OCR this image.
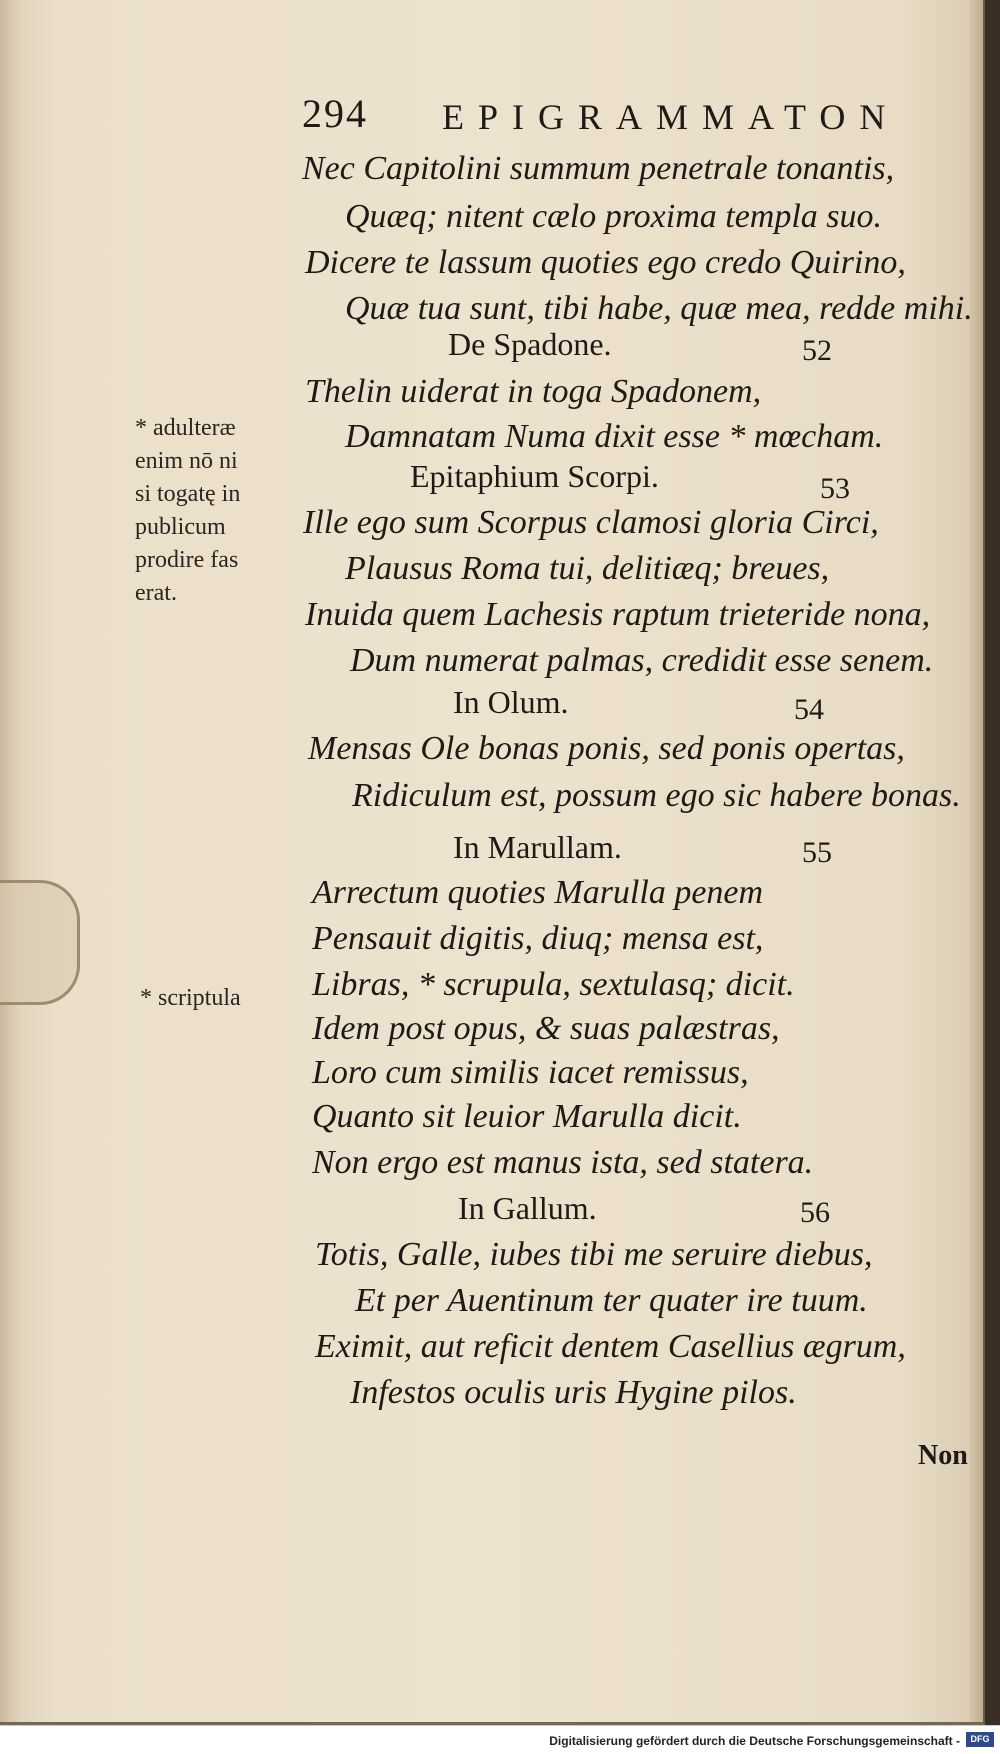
294 EPIGRAMMATON
Nec Capitolini summum penetrale tonantis,
Quæq; nitent cælo proxima templa suo.
Dicere te lassum quoties ego credo Quirino,
Quæ tua sunt, tibi habe, quæ mea, redde mihi.
De Spadone.	52
Thelin uiderat in toga Spadonem,
Damnatam Numa dixit esse * mœcham.
Epitaphium Scorpi.	53
Ille ego sum Scorpus clamosi gloria Circi,
Plausus Roma tui, delitiæq; breues,
Inuida quem Lachesis raptum trieteride nona,
Dum numerat palmas, credidit esse senem.
In Olum.	54
Mensas Ole bonas ponis, sed ponis opertas,
Ridiculum est, possum ego sic habere bonas.
In Marullam.	55
Arrectum quoties Marulla penem
Pensauit digitis, diuq; mensa est,
Libras, * scrupula, sextulasq; dicit.
Idem post opus, & suas palæstras,
Loro cum similis iacet remissus,
Quanto sit leuior Marulla dicit.
Non ergo est manus ista, sed statera.
In Gallum.	56
Totis, Galle, iubes tibi me seruire diebus,
Et per Auentinum ter quater ire tuum.
Eximit, aut reficit dentem Casellius ægrum,
Infestos oculis uris Hygine pilos.
* adulteræ
enim nō ni
si togatę in
publicum
prodire fas
erat.
* scriptula
Non
Digitalisierung gefördert durch die Deutsche Forschungsgemeinschaft -	DFG
